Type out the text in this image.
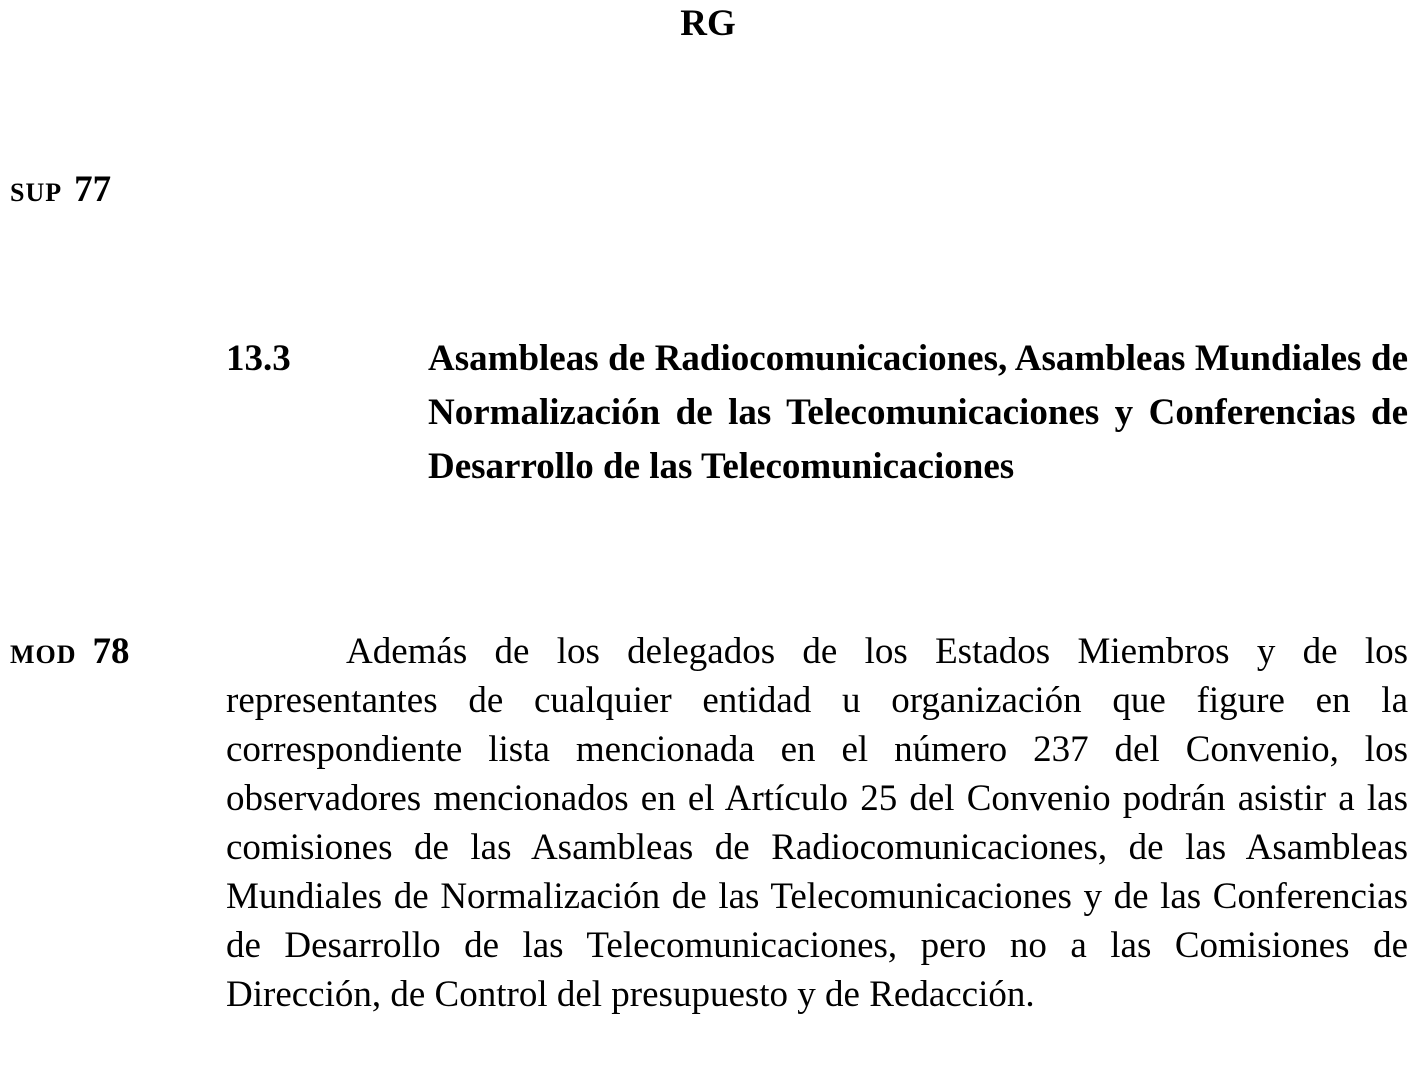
RG
SUP 77
13.3	Asambleas de Radiocomunicaciones, Asambleas Mundiales de Normalización de las Telecomunicaciones y Conferencias de Desarrollo de las Telecomunicaciones
MOD 78	Además de los delegados de los Estados Miembros y de los representantes de cualquier entidad u organización que figure en la correspondiente lista mencionada en el número 237 del Convenio, los observadores mencionados en el Artículo 25 del Convenio podrán asistir a las comisiones de las Asambleas de Radiocomunicaciones, de las Asambleas Mundiales de Normalización de las Telecomunicaciones y de las Conferencias de Desarrollo de las Telecomunicaciones, pero no a las Comisiones de Dirección, de Control del presupuesto y de Redacción.
